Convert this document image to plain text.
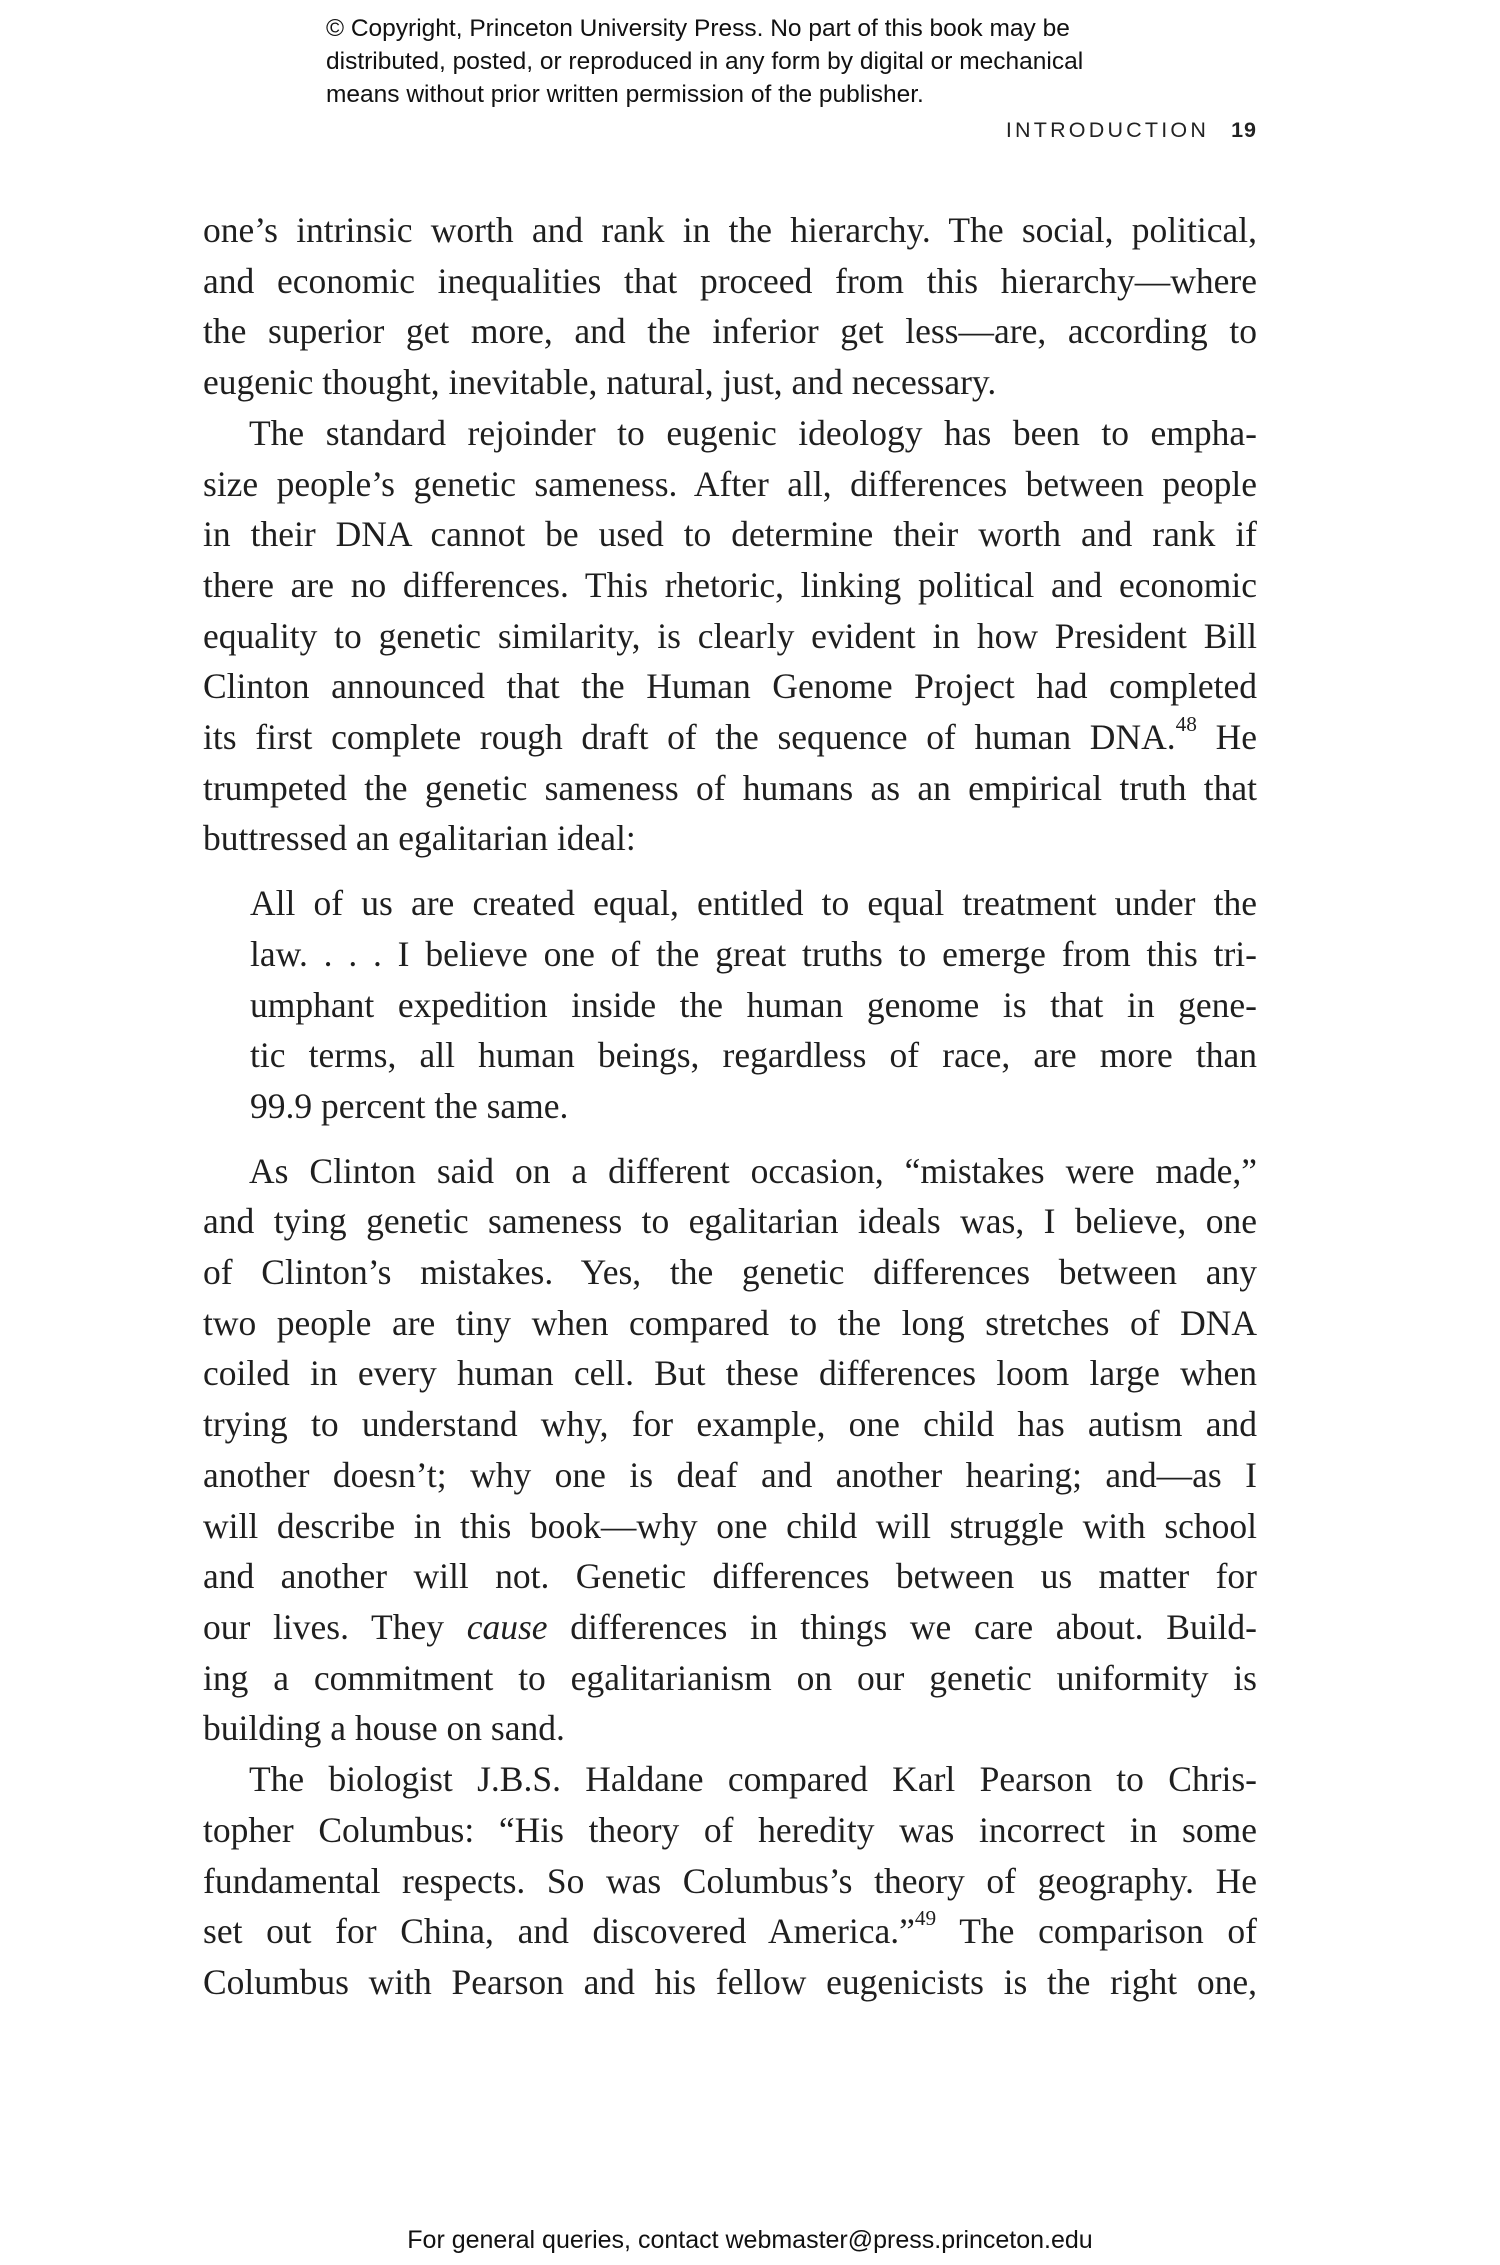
© Copyright, Princeton University Press. No part of this book may be
distributed, posted, or reproduced in any form by digital or mechanical
means without prior written permission of the publisher.
INTRODUCTION 19
one’s intrinsic worth and rank in the hierarchy. The social, political,
and economic inequalities that proceed from this hierarchy—where
the superior get more, and the inferior get less—are, according to
eugenic thought, inevitable, natural, just, and necessary.
The standard rejoinder to eugenic ideology has been to empha-
size people’s genetic sameness. After all, differences between people
in their DNA cannot be used to determine their worth and rank if
there are no differences. This rhetoric, linking political and economic
equality to genetic similarity, is clearly evident in how President Bill
Clinton announced that the Human Genome Project had completed
its first complete rough draft of the sequence of human DNA.$^{48}$ He
trumpeted the genetic sameness of humans as an empirical truth that
buttressed an egalitarian ideal:
All of us are created equal, entitled to equal treatment under the
law. . . . I believe one of the great truths to emerge from this tri-
umphant expedition inside the human genome is that in gene-
tic terms, all human beings, regardless of race, are more than
99.9 percent the same.
As Clinton said on a different occasion, “mistakes were made,”
and tying genetic sameness to egalitarian ideals was, I believe, one
of Clinton’s mistakes. Yes, the genetic differences between any
two people are tiny when compared to the long stretches of DNA
coiled in every human cell. But these differences loom large when
trying to understand why, for example, one child has autism and
another doesn’t; why one is deaf and another hearing; and—as I
will describe in this book—why one child will struggle with school
and another will not. Genetic differences between us matter for
our lives. They cause differences in things we care about. Build-
ing a commitment to egalitarianism on our genetic uniformity is
building a house on sand.
The biologist J.B.S. Haldane compared Karl Pearson to Chris-
topher Columbus: “His theory of heredity was incorrect in some
fundamental respects. So was Columbus’s theory of geography. He
set out for China, and discovered America.”$^{49}$ The comparison of
Columbus with Pearson and his fellow eugenicists is the right one,
For general queries, contact webmaster@press.princeton.edu
